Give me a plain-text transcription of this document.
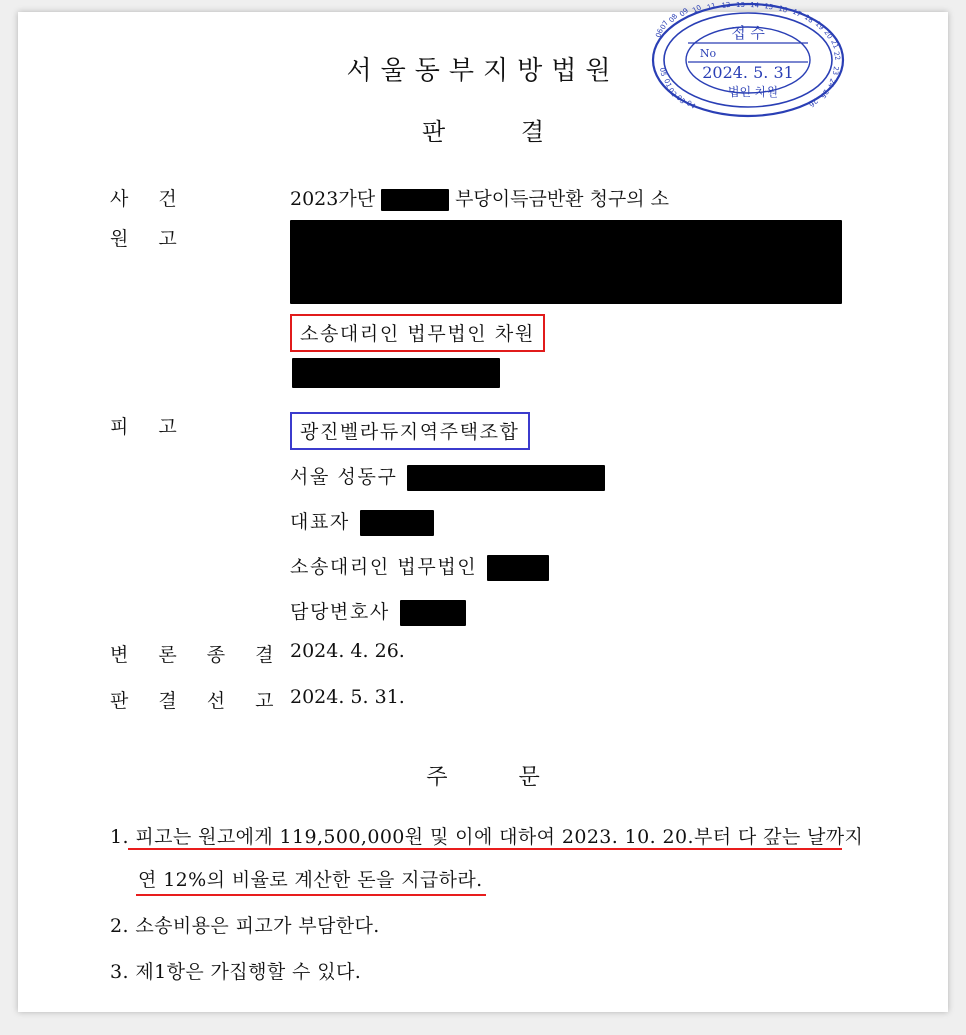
서울동부지방법원
판 결
접 수
No
2024. 5. 31
법인 차원
06
07
08
09 10 11 12 13 14 15 16 17 18
19
20
21
22
23
24
25
26
01
02
03
04
05
사 건	2023가단	부당이득금반환 청구의 소
원 고
소송대리인 법무법인 차원
피 고	광진벨라듀지역주택조합
서울 성동구
대표자
소송대리인 법무법인
담당변호사
변 론 종 결 2024. 4. 26.
판 결 선 고 2024. 5. 31.
주 문
1. 피고는 원고에게 119,500,000원 및 이에 대하여 2023. 10. 20.부터 다 갚는 날까지
연 12%의 비율로 계산한 돈을 지급하라.
2. 소송비용은 피고가 부담한다.
3. 제1항은 가집행할 수 있다.
